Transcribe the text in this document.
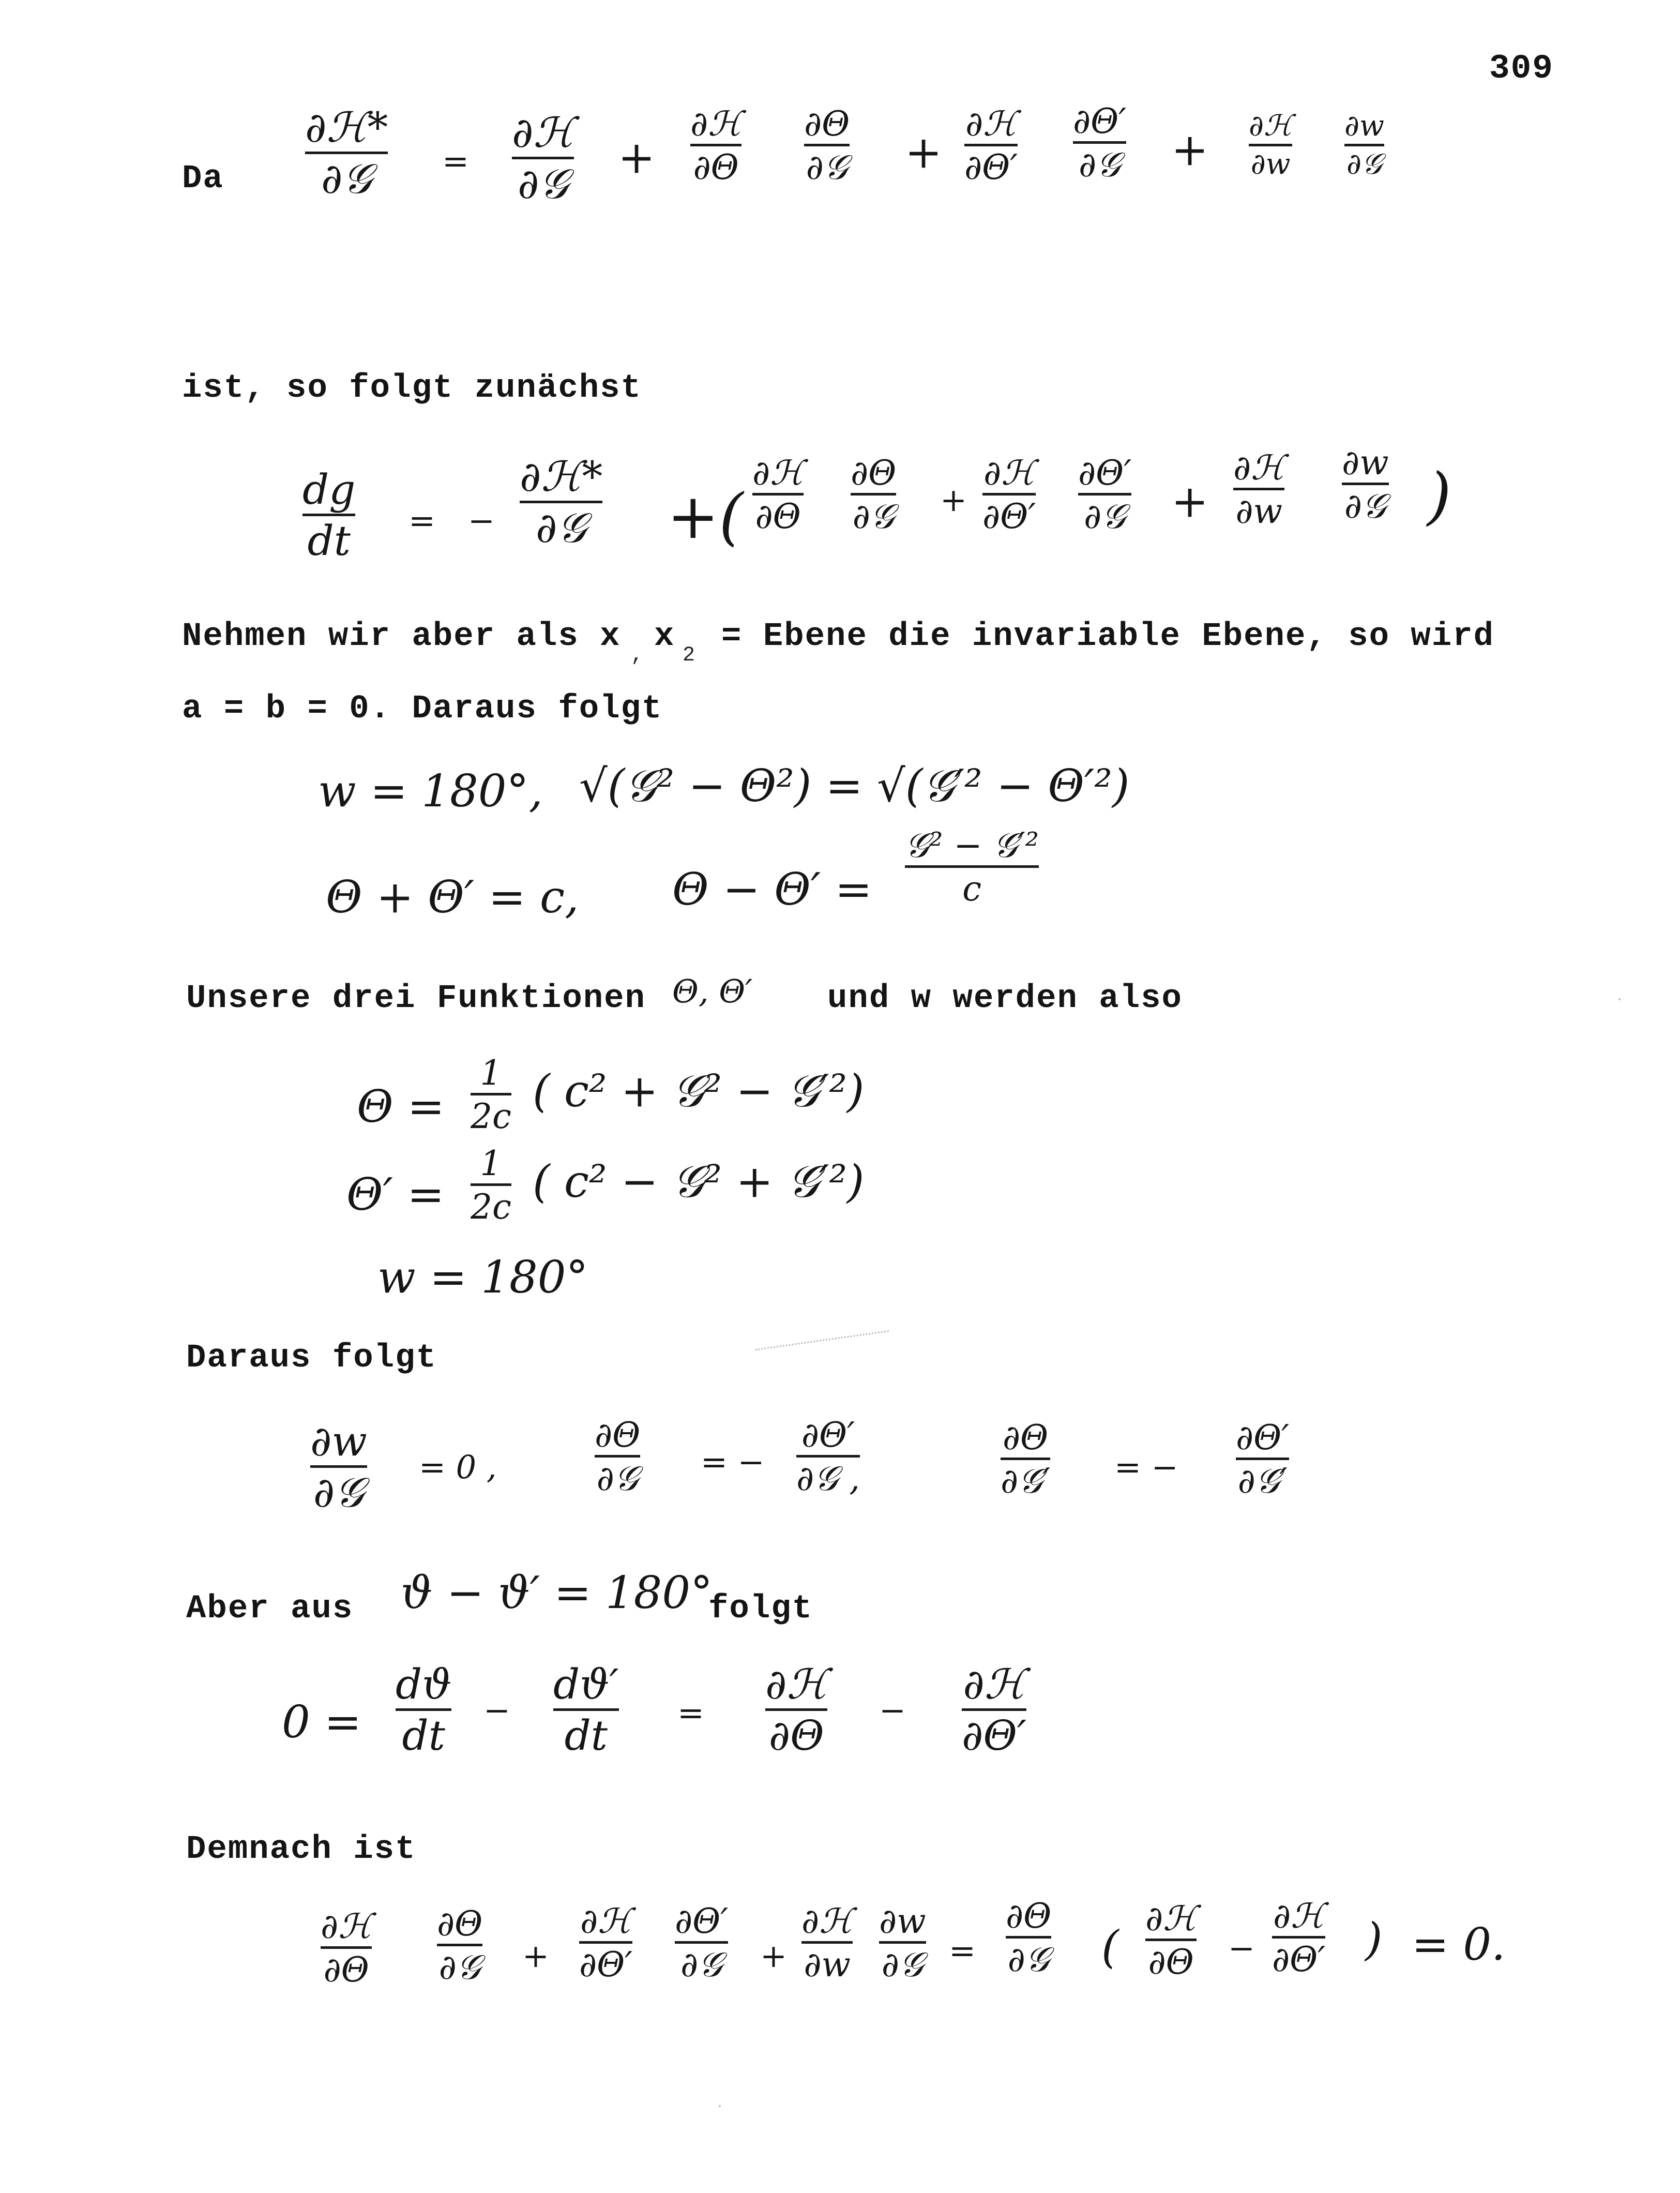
309
Da
∂ℋ*
∂𝒢 =
∂ℋ
∂𝒢
+
∂ℋ
∂Θ
∂Θ
∂𝒢 +
∂ℋ
∂Θ′
∂Θ′
∂𝒢 + ∂ℋ
∂w
∂w
∂𝒢
ist, so folgt zunächst
dg
dt = −
∂ℋ*
∂𝒢 +(
∂ℋ
∂Θ
∂Θ
∂𝒢 +
∂ℋ
∂Θ′
∂Θ′
∂𝒢 +
∂ℋ
∂w
∂w
∂𝒢 )
Nehmen wir aber als x
,
x
2
= Ebene die invariable Ebene, so wird
a = b = 0. Daraus folgt
w = 180°, √(𝒢² − Θ²) = √(𝒢′² − Θ′²)
Θ + Θ′ = c, Θ − Θ′ =
𝒢² − 𝒢′²
c
Unsere drei Funktionen Θ, Θ′ und w werden also
Θ =
1
2c ( c² + 𝒢² − 𝒢′²)
Θ′ =
1
2c ( c² − 𝒢² + 𝒢′²)
w = 180°
Daraus folgt
∂w
∂𝒢
= 0 ,
∂Θ
∂𝒢 = −
∂Θ′
∂𝒢 ,
∂Θ
∂𝒢′ = −
∂Θ′
∂𝒢′
Aber aus ϑ − ϑ′ = 180°
folgt
0 =
dϑ
dt
−
dϑ′
dt =
∂ℋ
∂Θ
−
∂ℋ
∂Θ′
Demnach ist
∂ℋ
∂Θ
∂Θ
∂𝒢 +
∂ℋ
∂Θ′
∂Θ′
∂𝒢 +
∂ℋ
∂w
∂w
∂𝒢 =
∂Θ
∂𝒢 (
∂ℋ
∂Θ −
∂ℋ
∂Θ′ ) = 0.
